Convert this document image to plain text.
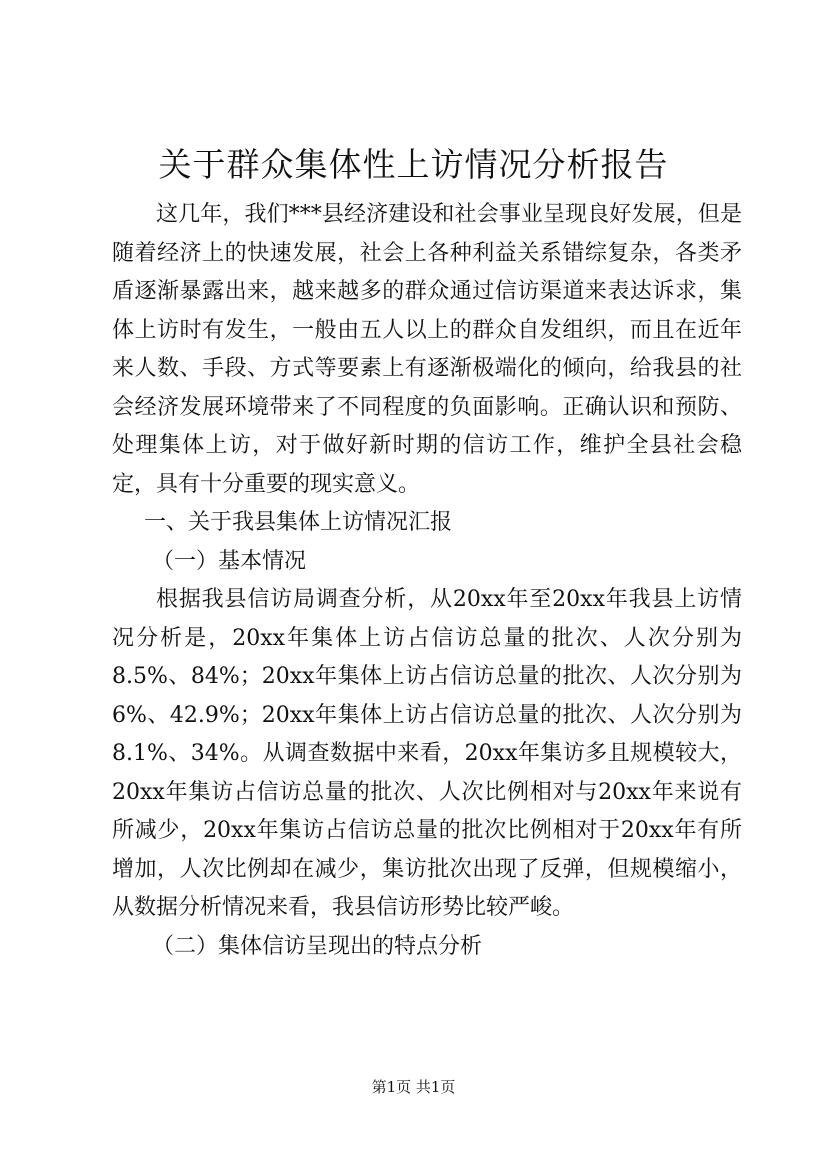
关于群众集体性上访情况分析报告

这几年，我们***县经济建设和社会事业呈现良好发展，但是随着经济上的快速发展，社会上各种利益关系错综复杂，各类矛盾逐渐暴露出来，越来越多的群众通过信访渠道来表达诉求，集体上访时有发生，一般由五人以上的群众自发组织，而且在近年来人数、手段、方式等要素上有逐渐极端化的倾向，给我县的社会经济发展环境带来了不同程度的负面影响。正确认识和预防、处理集体上访，对于做好新时期的信访工作，维护全县社会稳定，具有十分重要的现实意义。

一、关于我县集体上访情况汇报

（一）基本情况

根据我县信访局调查分析，从20xx年至20xx年我县上访情况分析是，20xx年集体上访占信访总量的批次、人次分别为8.5%、84%；20xx年集体上访占信访总量的批次、人次分别为6%、42.9%；20xx年集体上访占信访总量的批次、人次分别为8.1%、34%。从调查数据中来看，20xx年集访多且规模较大，20xx年集访占信访总量的批次、人次比例相对与20xx年来说有所减少，20xx年集访占信访总量的批次比例相对于20xx年有所增加，人次比例却在减少，集访批次出现了反弹，但规模缩小，从数据分析情况来看，我县信访形势比较严峻。

（二）集体信访呈现出的特点分析

第1页 共1页
